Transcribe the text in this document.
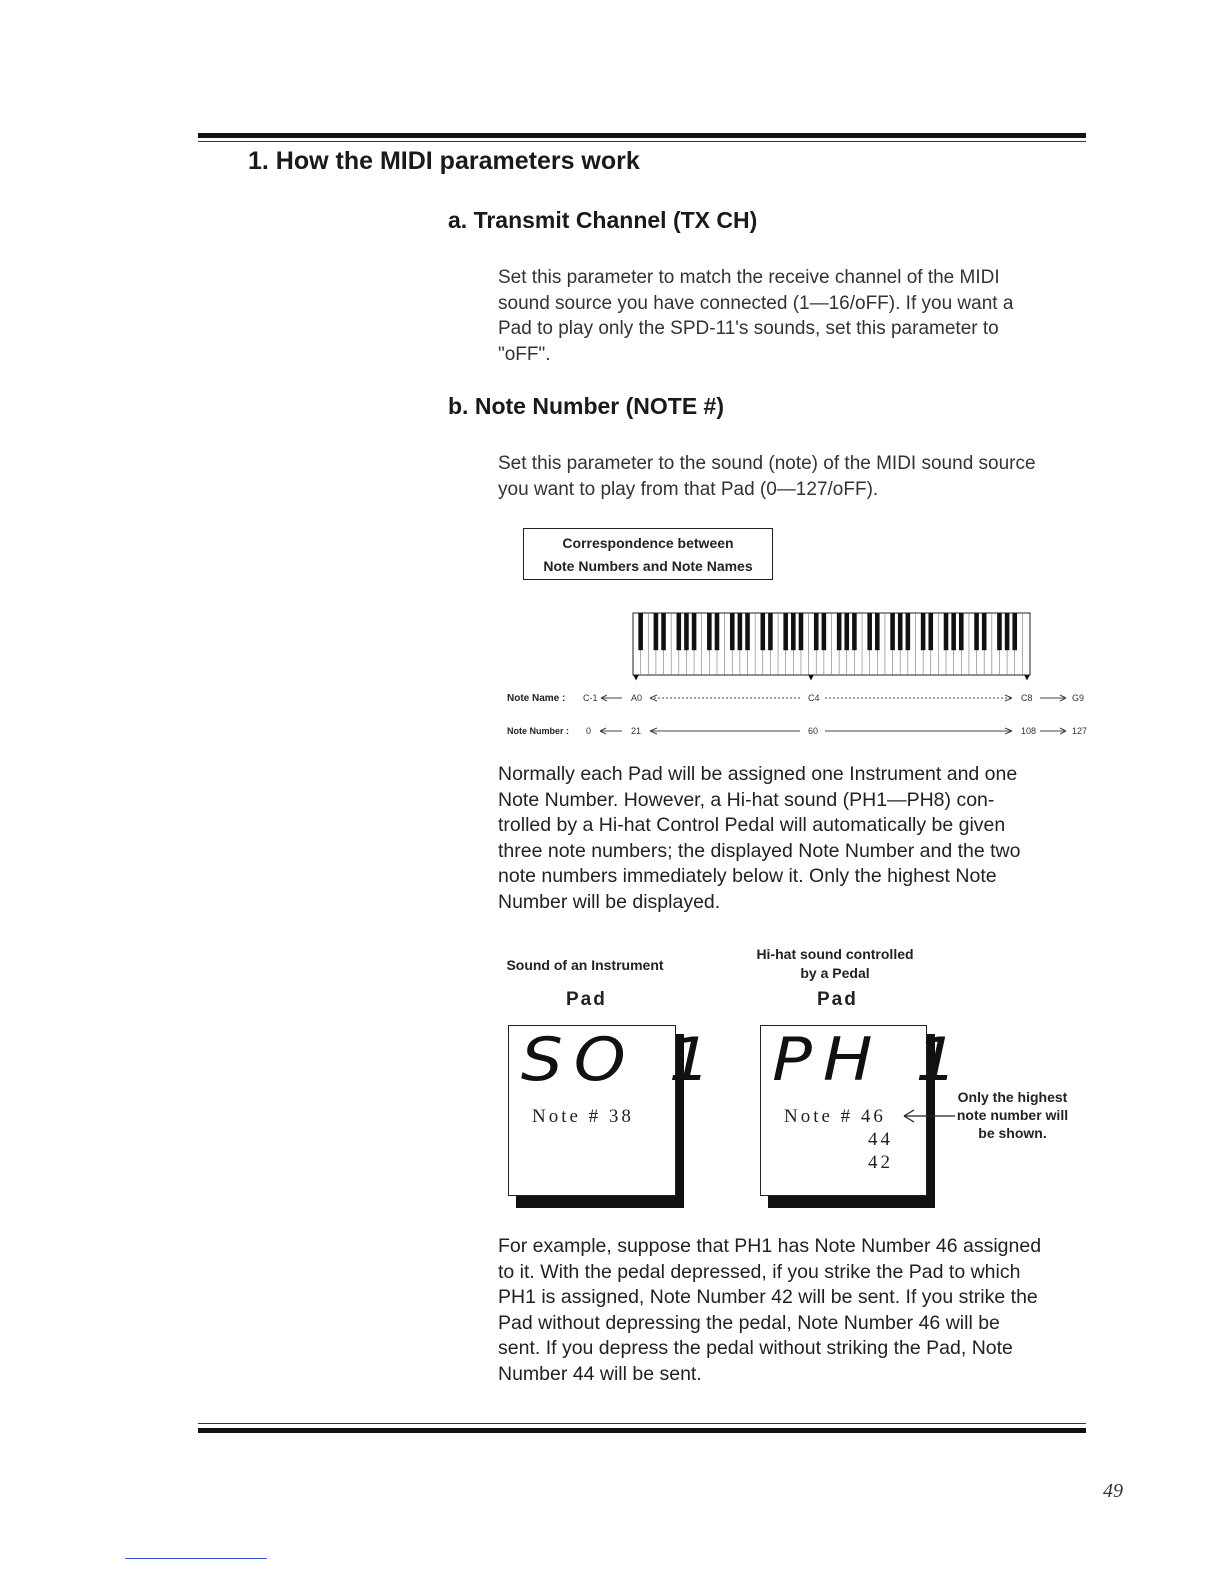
1. How the MIDI parameters work
a. Transmit Channel (TX CH)
Set this parameter to match the receive channel of the MIDI
sound source you have connected (1—16/oFF). If you want a
Pad to play only the SPD-11's sounds, set this parameter to
"oFF".
b. Note Number (NOTE #)
Set this parameter to the sound (note) of the MIDI sound source
you want to play from that Pad (0—127/oFF).
Correspondence between
Note Numbers and Note Names
Note Name : C-1	A0	C4	C8	G9
Note Number : 0	21	60	108	127
Normally each Pad will be assigned one Instrument and one
Note Number. However, a Hi-hat sound (PH1—PH8) con-
trolled by a Hi-hat Control Pedal will automatically be given
three note numbers; the displayed Note Number and the two
note numbers immediately below it. Only the highest Note
Number will be displayed.
Sound of an Instrument
Hi-hat sound controlled
by a Pedal
Pad	Pad
SO 1
Note # 38
PH 1
Note # 46
44
42
Only the highest
note number will
be shown.
For example, suppose that PH1 has Note Number 46 assigned
to it. With the pedal depressed, if you strike the Pad to which
PH1 is assigned, Note Number 42 will be sent. If you strike the
Pad without depressing the pedal, Note Number 46 will be
sent. If you depress the pedal without striking the Pad, Note
Number 44 will be sent.
49
